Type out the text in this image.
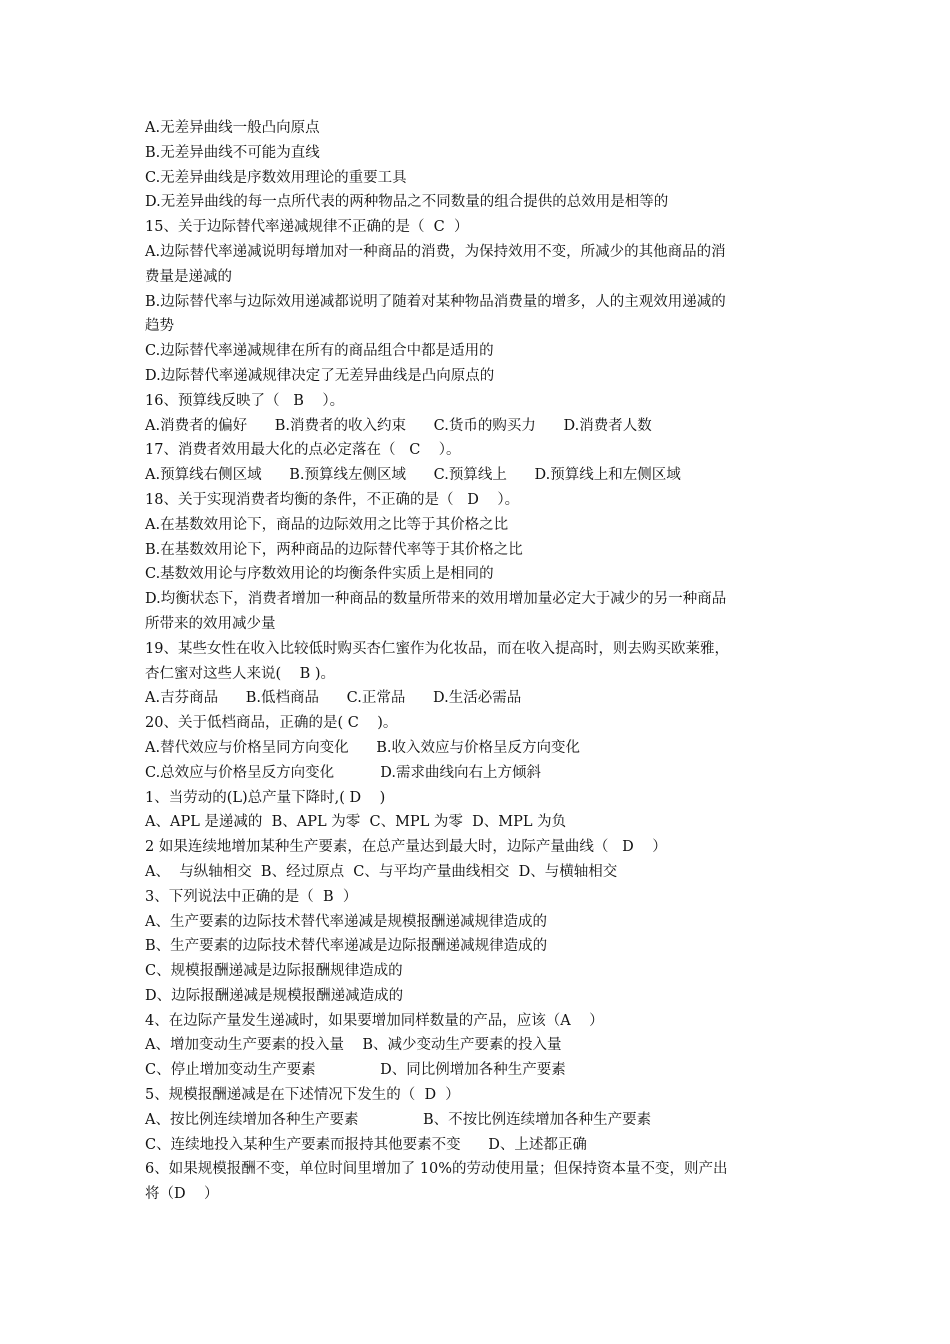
A.无差异曲线一般凸向原点
B.无差异曲线不可能为直线
C.无差异曲线是序数效用理论的重要工具
D.无差异曲线的每一点所代表的两种物品之不同数量的组合提供的总效用是相等的
15、关于边际替代率递减规律不正确的是（  C  ）
A.边际替代率递减说明每增加对一种商品的消费，为保持效用不变，所减少的其他商品的消
费量是递减的
B.边际替代率与边际效用递减都说明了随着对某种物品消费量的增多，人的主观效用递减的
趋势
C.边际替代率递减规律在所有的商品组合中都是适用的
D.边际替代率递减规律决定了无差异曲线是凸向原点的
16、预算线反映了（   B    ）。
A.消费者的偏好      B.消费者的收入约束      C.货币的购买力      D.消费者人数
17、消费者效用最大化的点必定落在（   C    ）。
A.预算线右侧区域      B.预算线左侧区域      C.预算线上      D.预算线上和左侧区域
18、关于实现消费者均衡的条件，不正确的是（   D    ）。
A.在基数效用论下，商品的边际效用之比等于其价格之比
B.在基数效用论下，两种商品的边际替代率等于其价格之比
C.基数效用论与序数效用论的均衡条件实质上是相同的
D.均衡状态下，消费者增加一种商品的数量所带来的效用增加量必定大于减少的另一种商品
所带来的效用减少量
19、某些女性在收入比较低时购买杏仁蜜作为化妆品，而在收入提高时，则去购买欧莱雅，
杏仁蜜对这些人来说(    B )。
A.吉芬商品      B.低档商品      C.正常品      D.生活必需品
20、关于低档商品，正确的是( C    )。
A.替代效应与价格呈同方向变化      B.收入效应与价格呈反方向变化
C.总效应与价格呈反方向变化          D.需求曲线向右上方倾斜
1、当劳动的(L)总产量下降时,( D    )
A、APL 是递减的  B、APL 为零  C、MPL 为零  D、MPL 为负
2 如果连续地增加某种生产要素，在总产量达到最大时，边际产量曲线（   D    ）
A、  与纵轴相交  B、经过原点  C、与平均产量曲线相交  D、与横轴相交
3、下列说法中正确的是（  B  ）
A、生产要素的边际技术替代率递减是规模报酬递减规律造成的
B、生产要素的边际技术替代率递减是边际报酬递减规律造成的
C、规模报酬递减是边际报酬规律造成的
D、边际报酬递减是规模报酬递减造成的
4、在边际产量发生递减时，如果要增加同样数量的产品，应该（A    ）
A、增加变动生产要素的投入量    B、减少变动生产要素的投入量
C、停止增加变动生产要素              D、同比例增加各种生产要素
5、规模报酬递减是在下述情况下发生的（  D  ）
A、按比例连续增加各种生产要素              B、不按比例连续增加各种生产要素
C、连续地投入某种生产要素而报持其他要素不变      D、上述都正确
6、如果规模报酬不变，单位时间里增加了 10%的劳动使用量；但保持资本量不变，则产出
将（D    ）
